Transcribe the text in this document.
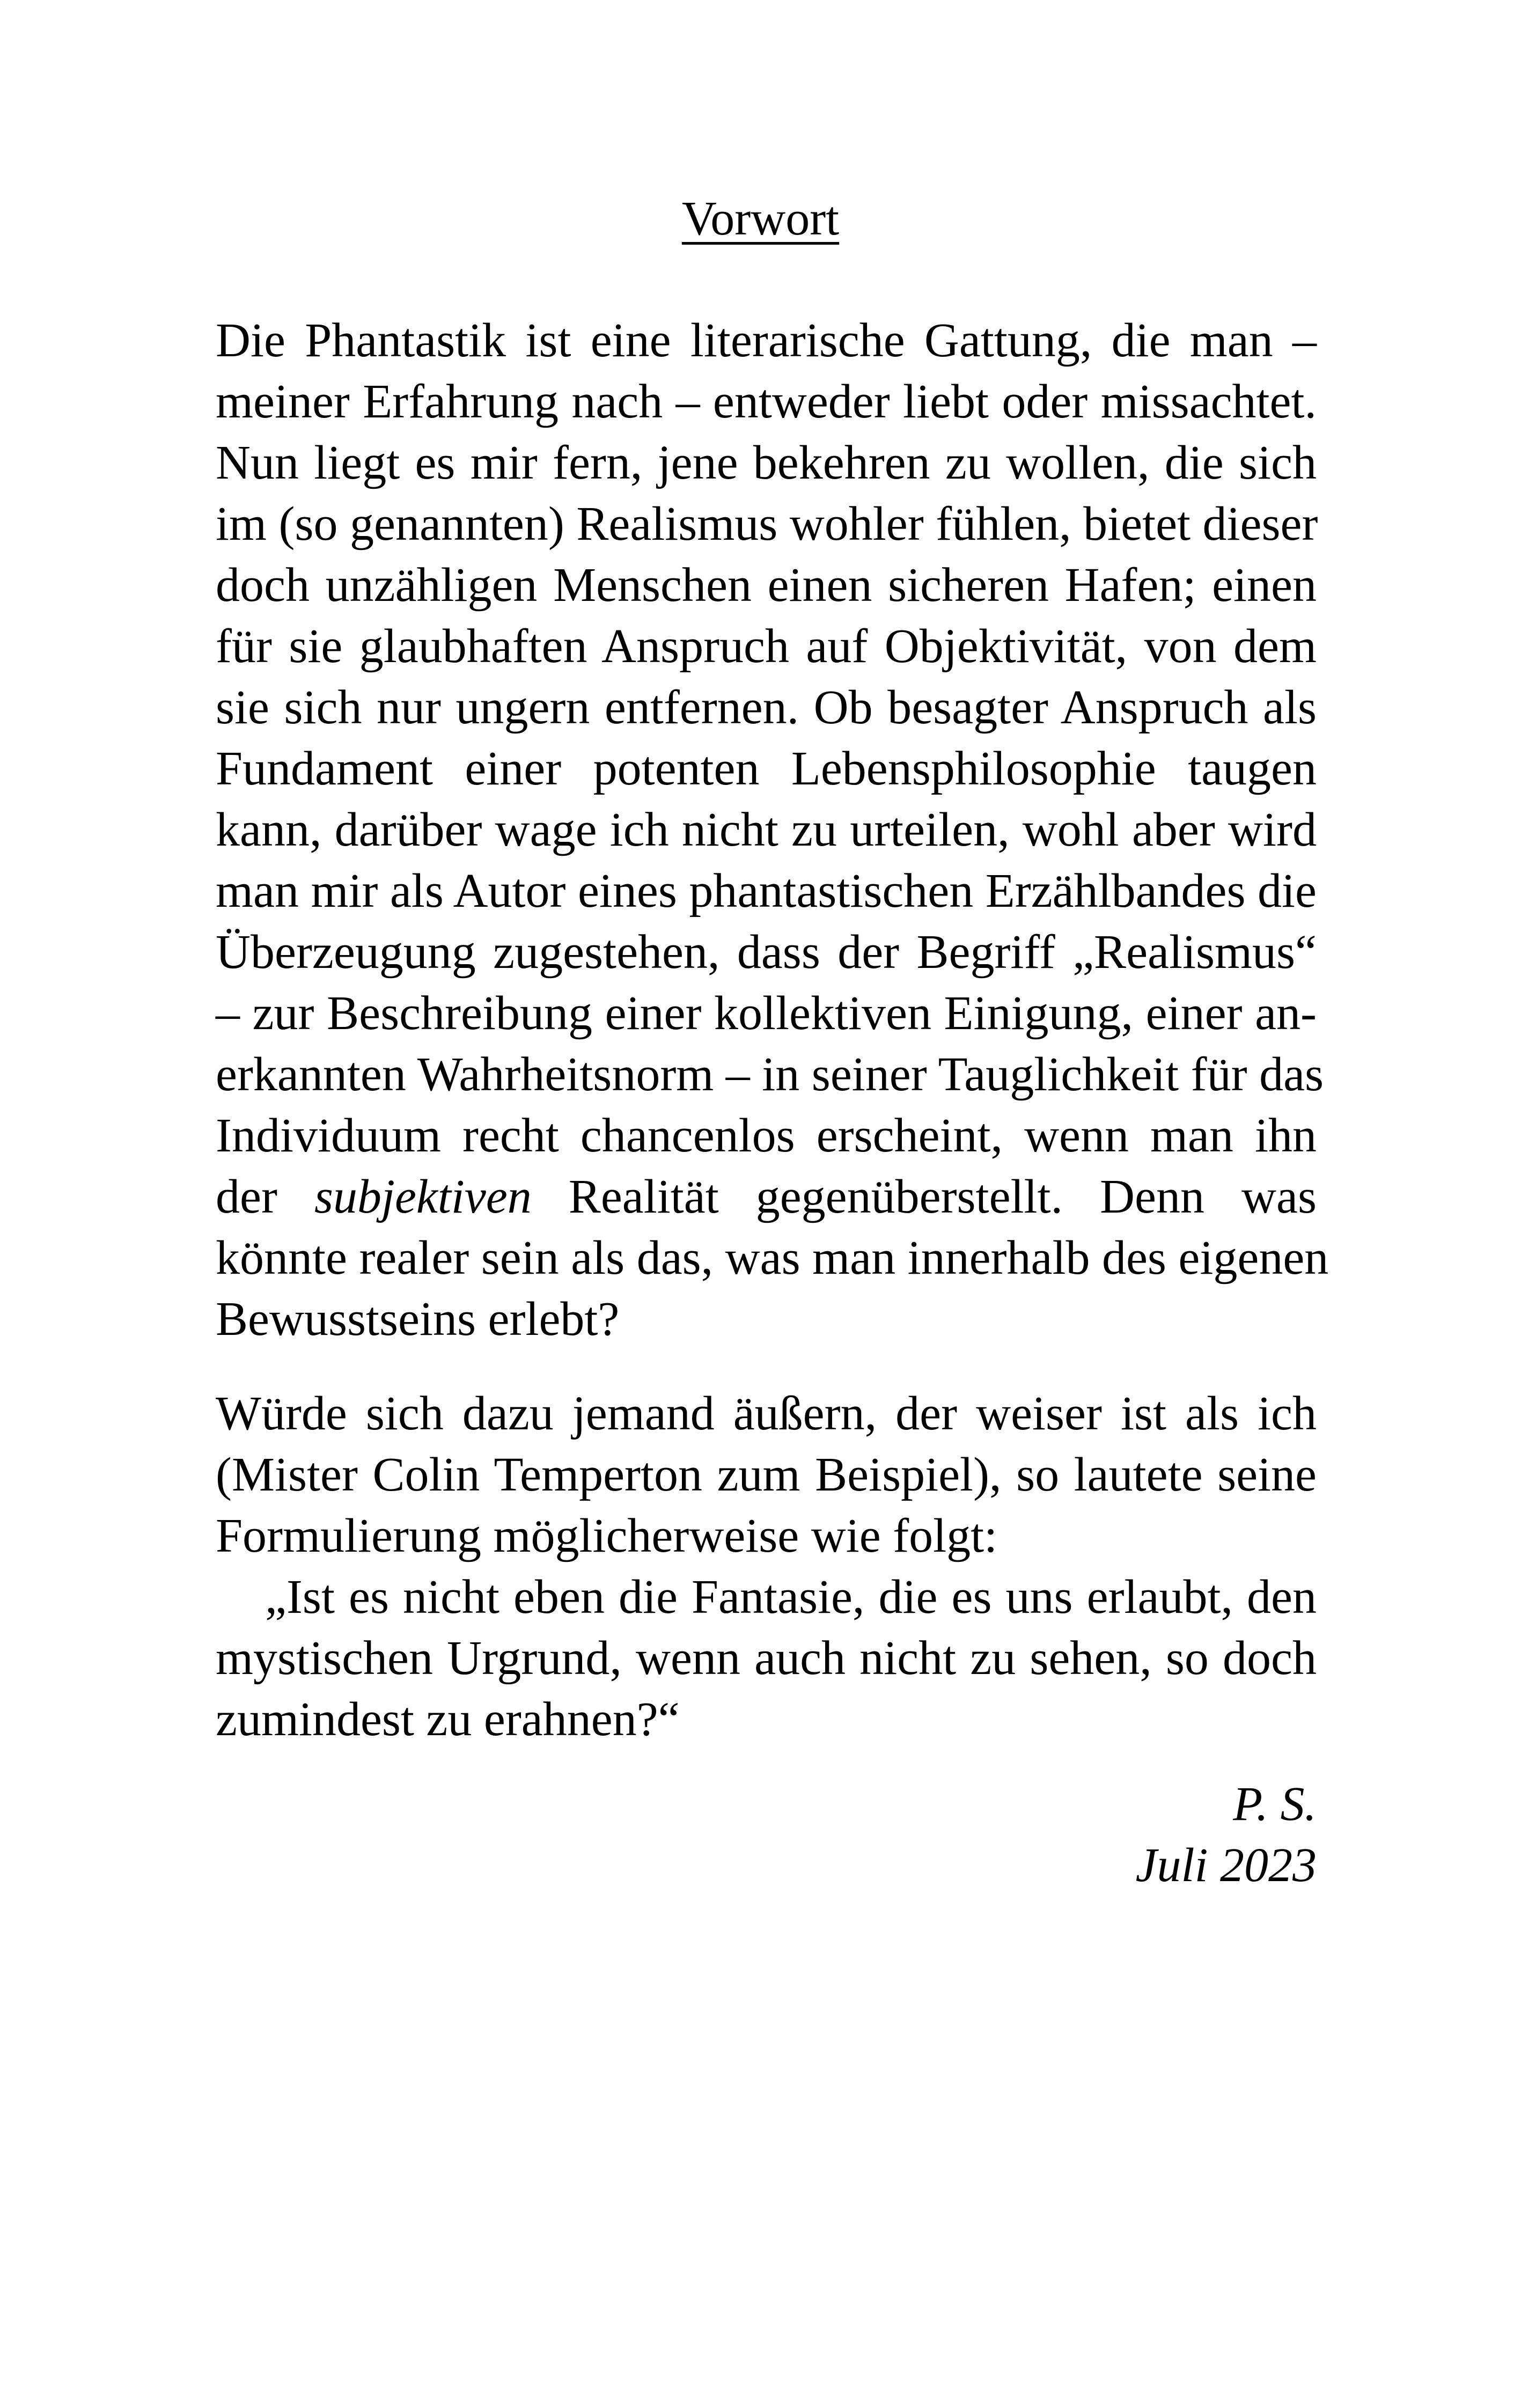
Vorwort
Die Phantastik ist eine literarische Gattung, die man –
meiner Erfahrung nach – entweder liebt oder missachtet.
Nun liegt es mir fern, jene bekehren zu wollen, die sich
im (so genannten) Realismus wohler fühlen, bietet dieser
doch unzähligen Menschen einen sicheren Hafen; einen
für sie glaubhaften Anspruch auf Objektivität, von dem
sie sich nur ungern entfernen. Ob besagter Anspruch als
Fundament einer potenten Lebensphilosophie taugen
kann, darüber wage ich nicht zu urteilen, wohl aber wird
man mir als Autor eines phantastischen Erzählbandes die
Überzeugung zugestehen, dass der Begriff „Realismus“
– zur Beschreibung einer kollektiven Einigung, einer an-
erkannten Wahrheitsnorm – in seiner Tauglichkeit für das
Individuum recht chancenlos erscheint, wenn man ihn
der subjektiven Realität gegenüberstellt. Denn was
könnte realer sein als das, was man innerhalb des eigenen
Bewusstseins erlebt?
Würde sich dazu jemand äußern, der weiser ist als ich
(Mister Colin Temperton zum Beispiel), so lautete seine
Formulierung möglicherweise wie folgt:
„Ist es nicht eben die Fantasie, die es uns erlaubt, den
mystischen Urgrund, wenn auch nicht zu sehen, so doch
zumindest zu erahnen?“
P. S.
Juli 2023
